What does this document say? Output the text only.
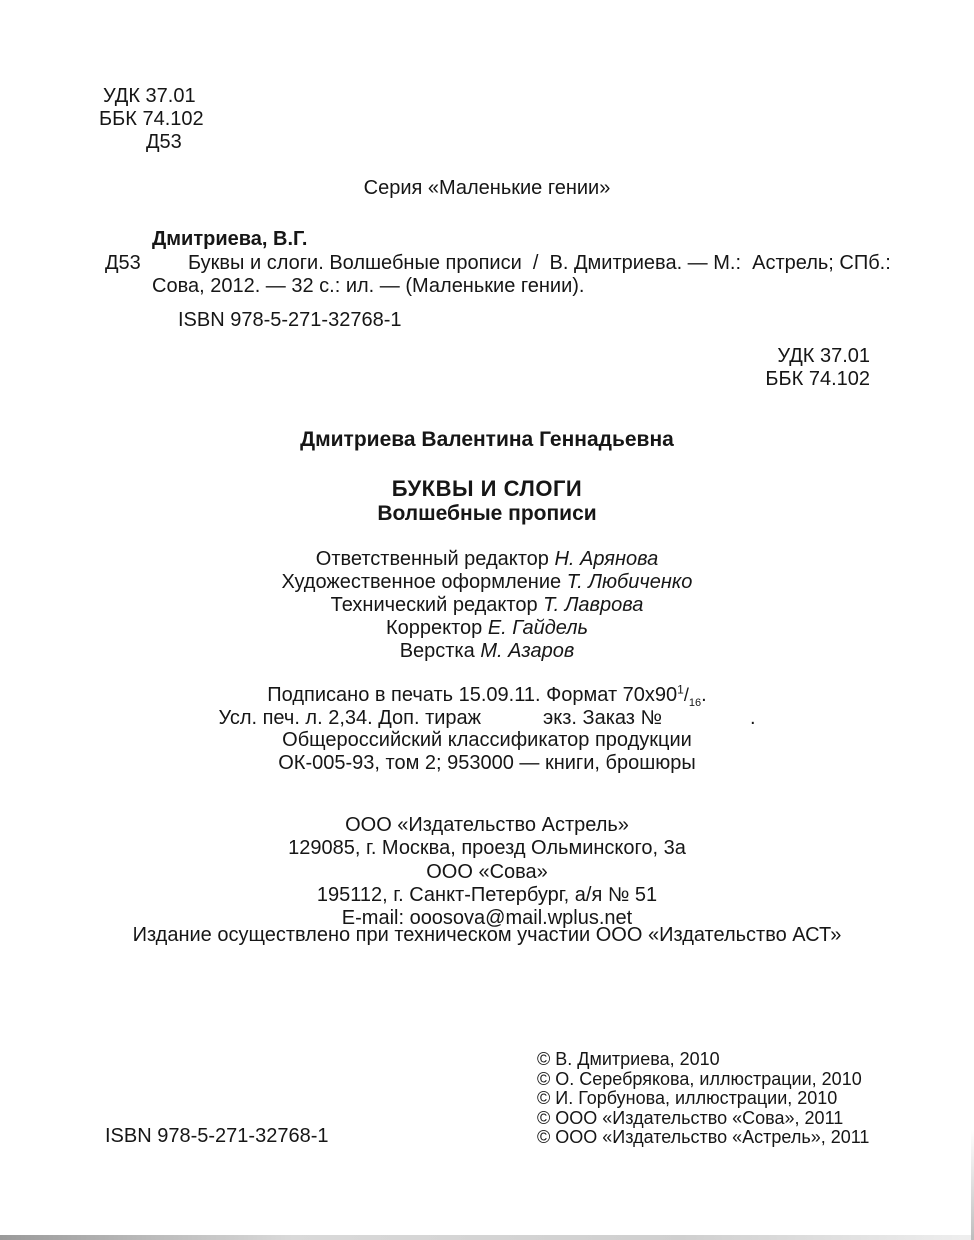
УДК 37.01
ББК 74.102
Д53
Серия «Маленькие гении»
Дмитриева, В.Г.
Д53 Буквы и слоги. Волшебные прописи  /  В. Дмитриева. — М.:  Астрель; СПб.:
Сова, 2012. — 32 с.: ил. — (Маленькие гении).
ISBN 978-5-271-32768-1
УДК 37.01
ББК 74.102
Дмитриева Валентина Геннадьевна
БУКВЫ И СЛОГИ
Волшебные прописи
Ответственный редактор Н. Арянова
Художественное оформление Т. Любиченко
Технический редактор Т. Лаврова
Корректор Е. Гайдель
Верстка М. Азаров
Подписано в печать 15.09.11. Формат $70х90^1/_{16}$.
Усл. печ. л. 2,34. Доп. тираж	экз. Заказ №	.
Общероссийский классификатор продукции
ОК-005-93, том 2; 953000 — книги, брошюры
ООО «Издательство Астрель»
129085, г. Москва, проезд Ольминского, 3а
ООО «Сова»
195112, г. Санкт-Петербург, а/я № 51
E-mail: ooosova@mail.wplus.net
Издание осуществлено при техническом участии ООО «Издательство АСТ»
© В. Дмитриева, 2010
© О. Серебрякова, иллюстрации, 2010
© И. Горбунова, иллюстрации, 2010
© ООО «Издательство «Сова», 2011
© ООО «Издательство «Астрель», 2011
ISBN 978-5-271-32768-1
